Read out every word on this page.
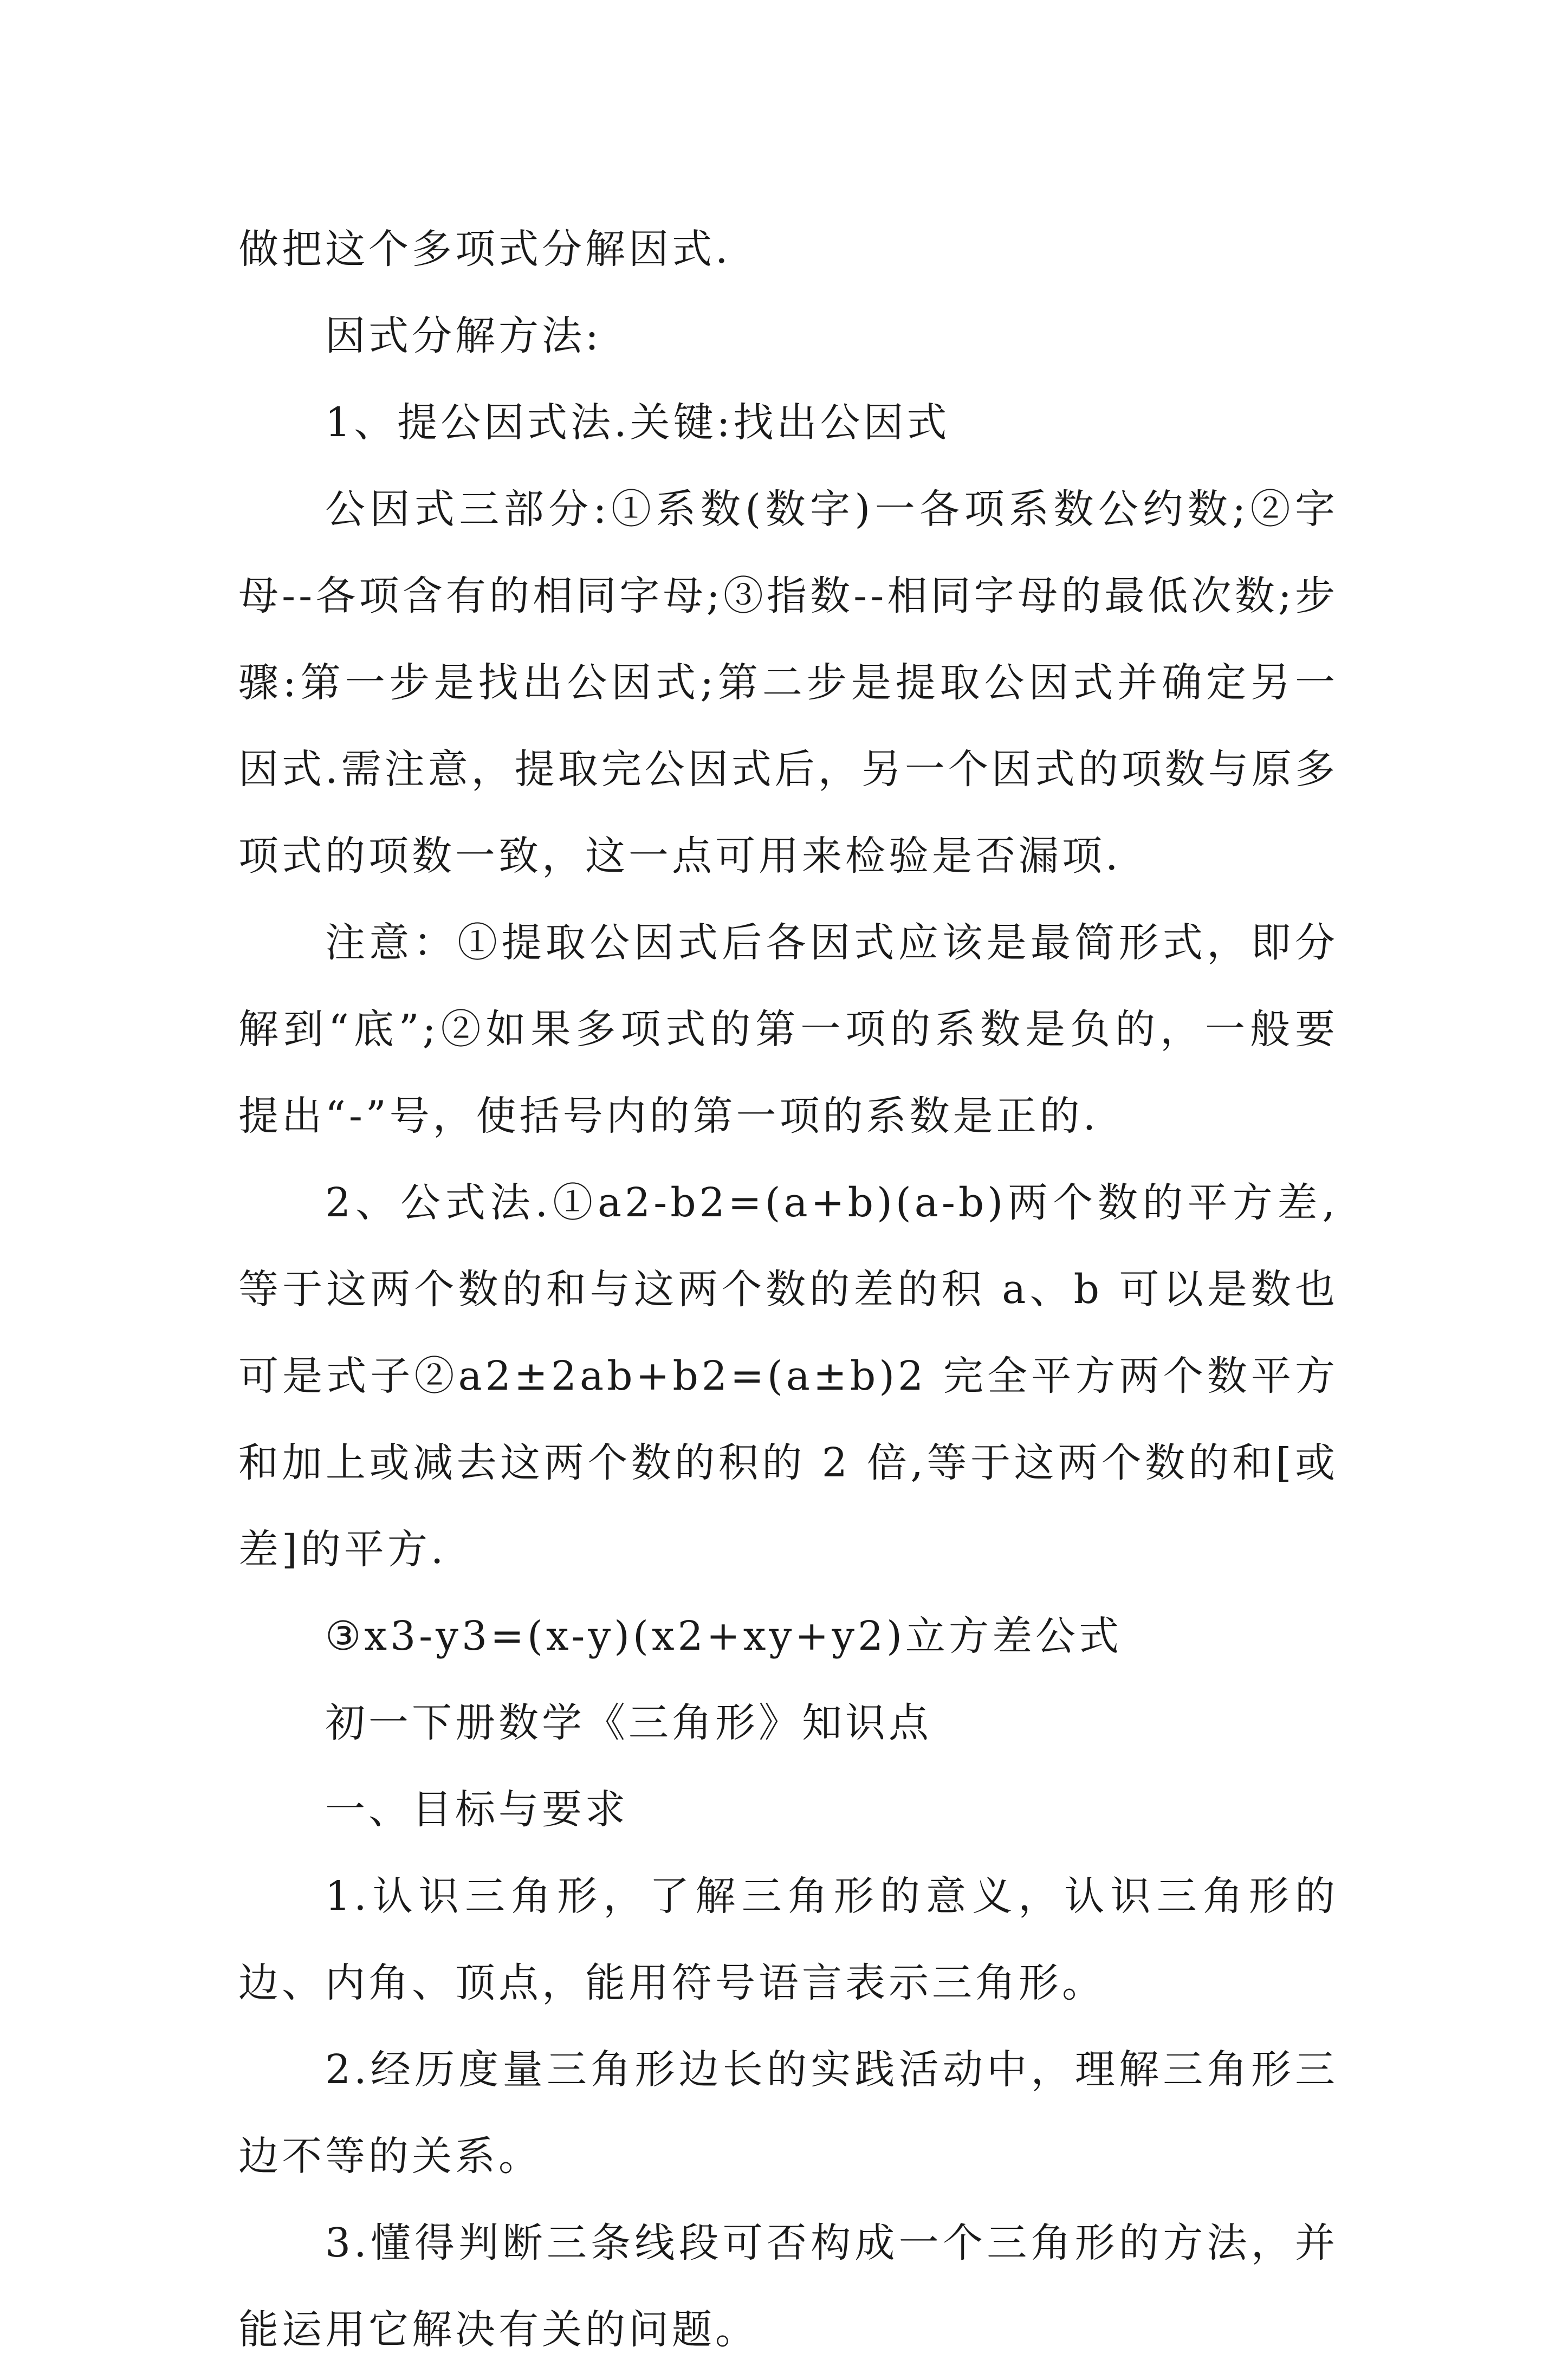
做把这个多项式分解因式.

因式分解方法:

1、提公因式法.关键:找出公因式

公因式三部分:①系数(数字)一各项系数公约数;②字母--各项含有的相同字母;③指数--相同字母的最低次数;步骤:第一步是找出公因式;第二步是提取公因式并确定另一因式.需注意，提取完公因式后，另一个因式的项数与原多项式的项数一致，这一点可用来检验是否漏项.

注意：①提取公因式后各因式应该是最简形式，即分解到“底”;②如果多项式的第一项的系数是负的，一般要提出“-”号，使括号内的第一项的系数是正的.

2、公式法.①a2-b2=(a+b)(a-b)两个数的平方差,等于这两个数的和与这两个数的差的积 a、b 可以是数也可是式子②a2±2ab+b2=(a±b)2 完全平方两个数平方和加上或减去这两个数的积的 2 倍,等于这两个数的和[或差]的平方.

③x3-y3=(x-y)(x2+xy+y2)立方差公式

初一下册数学《三角形》知识点

一、目标与要求

1.认识三角形，了解三角形的意义，认识三角形的边、内角、顶点，能用符号语言表示三角形。

2.经历度量三角形边长的实践活动中，理解三角形三边不等的关系。

3.懂得判断三条线段可否构成一个三角形的方法，并能运用它解决有关的问题。
